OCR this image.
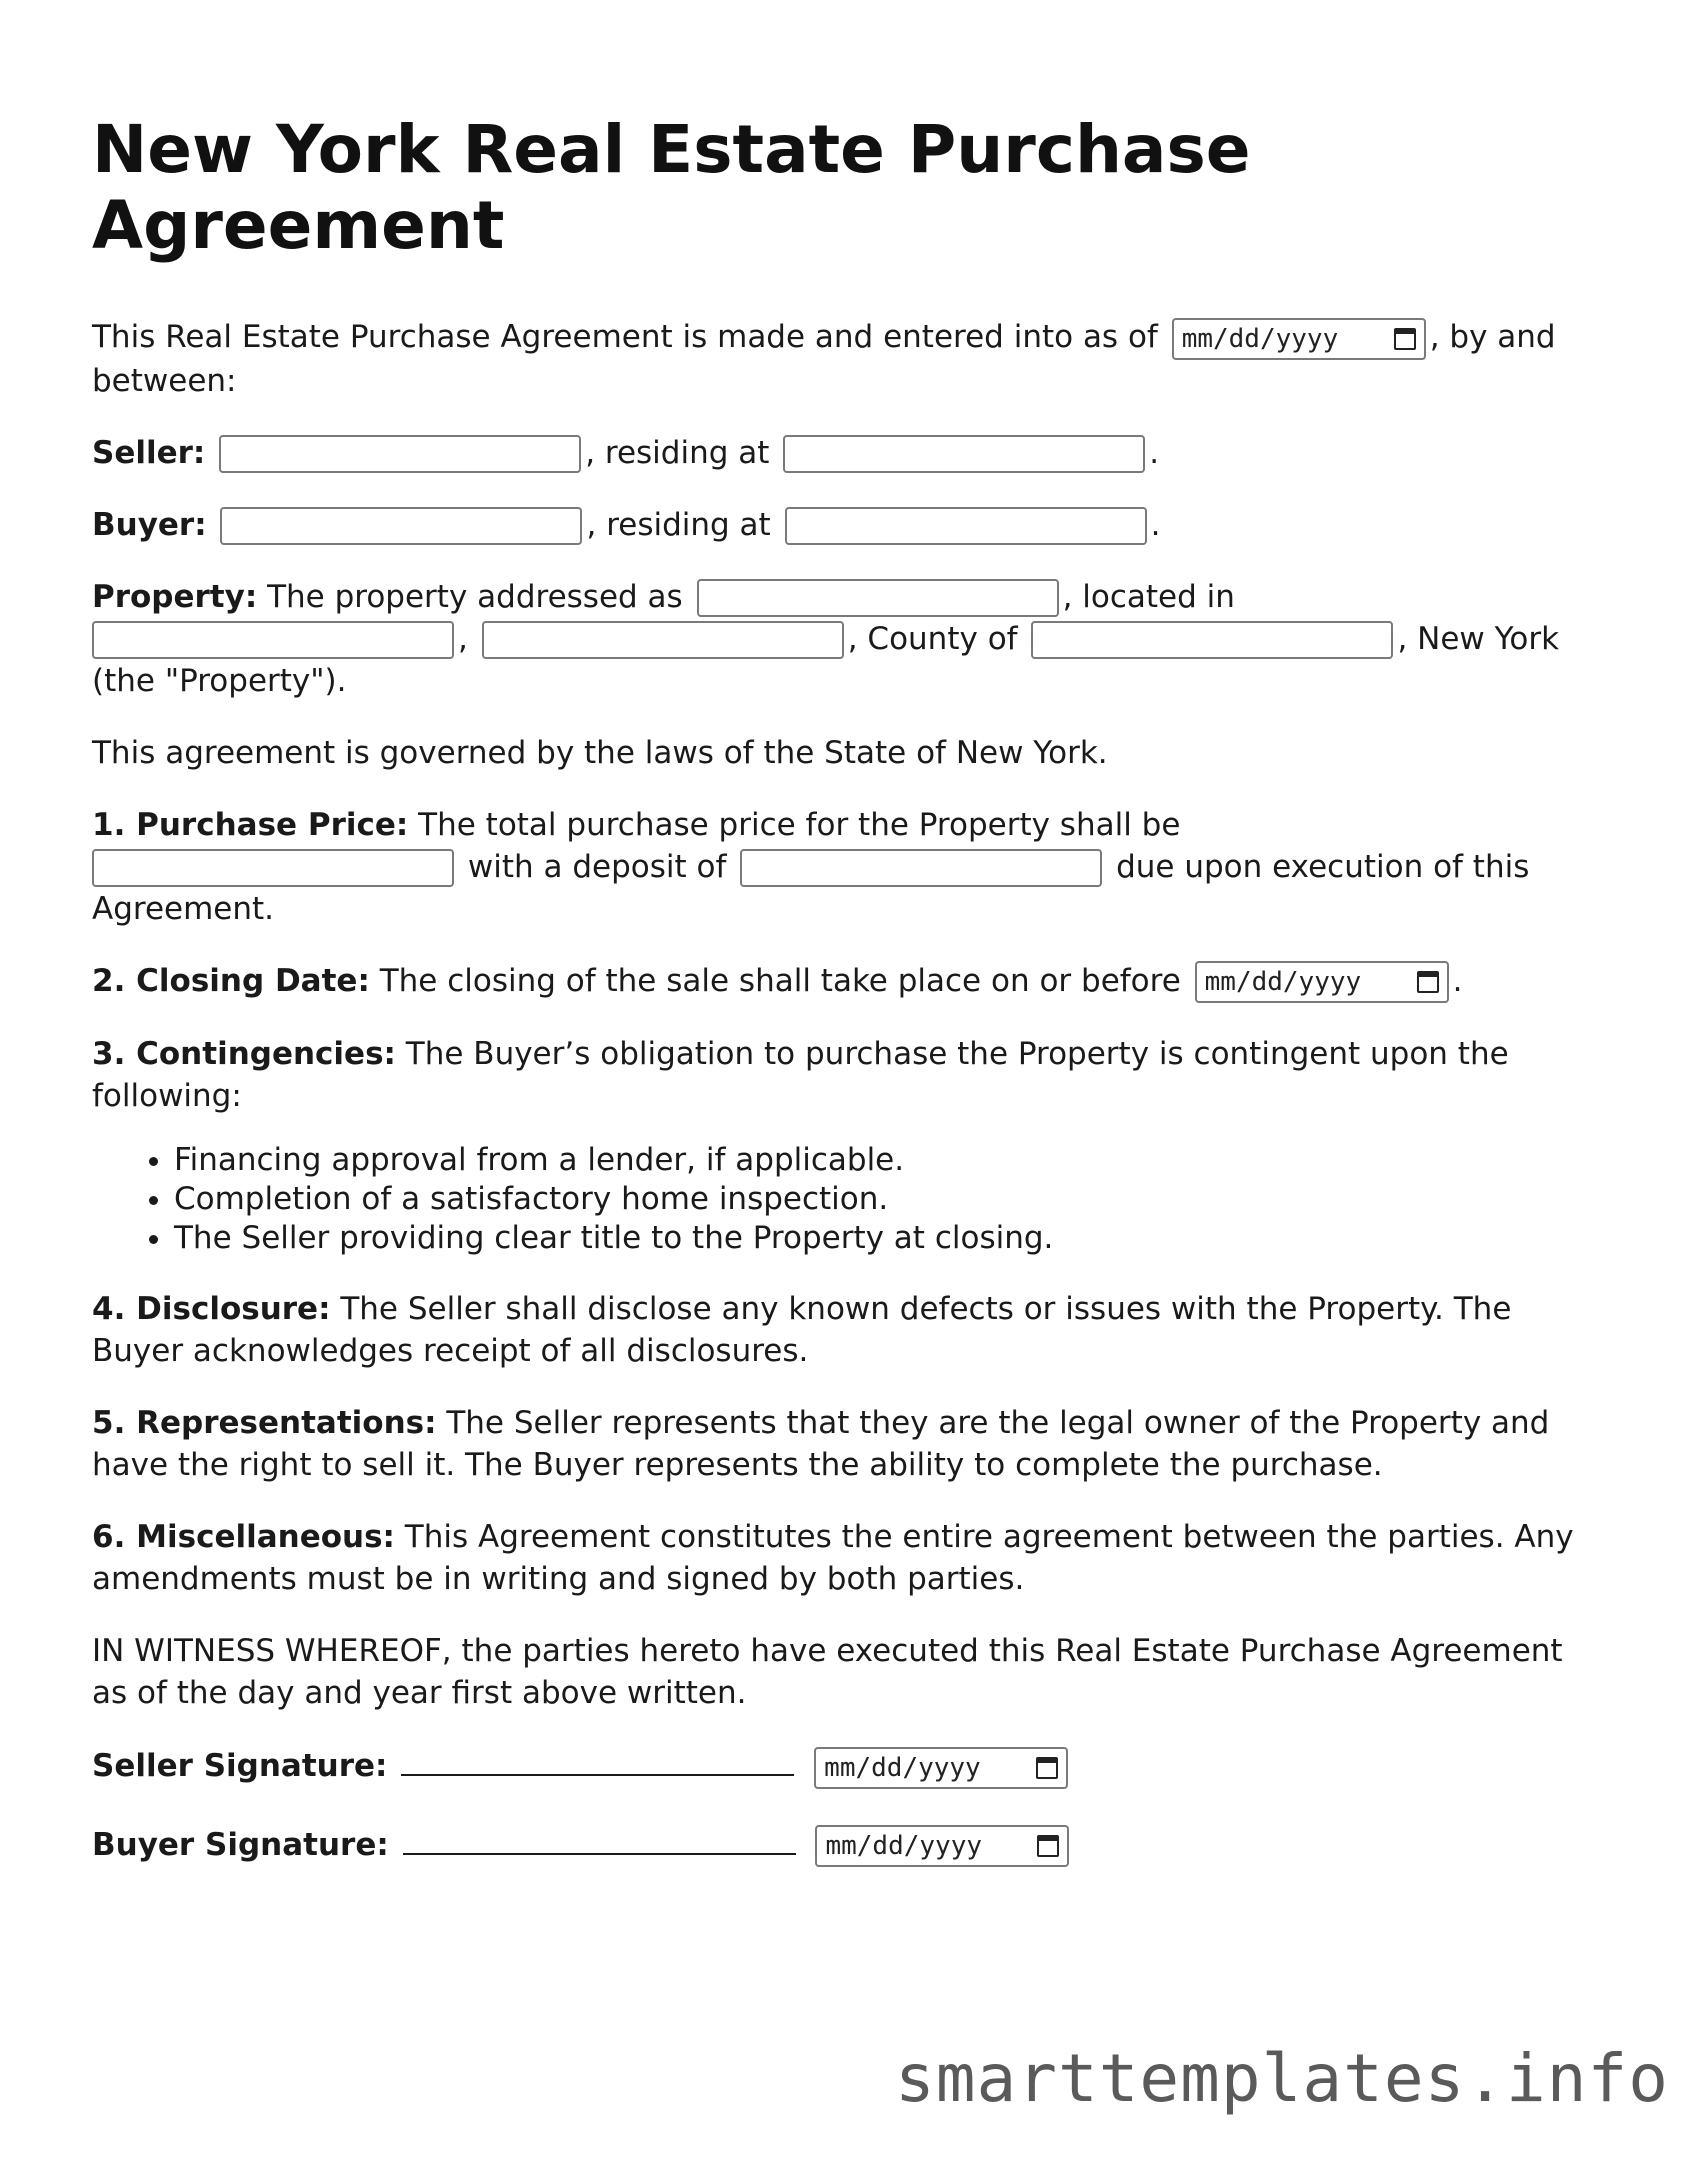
New York Real Estate Purchase Agreement

This Real Estate Purchase Agreement is made and entered into as of mm/dd/yyyy	, by and between:

Seller:	, residing at	.

Buyer:	, residing at	.

Property: The property addressed as	, located in ,	, County of	, New York (the "Property").

This agreement is governed by the laws of the State of New York.

1. Purchase Price: The total purchase price for the Property shall be
with a deposit of	due upon execution of this Agreement.

2. Closing Date: The closing of the sale shall take place on or before mm/dd/yyyy	.

3. Contingencies: The Buyer’s obligation to purchase the Property is contingent upon the following:

• Financing approval from a lender, if applicable.
• Completion of a satisfactory home inspection.
• The Seller providing clear title to the Property at closing.

4. Disclosure: The Seller shall disclose any known defects or issues with the Property. The Buyer acknowledges receipt of all disclosures.

5. Representations: The Seller represents that they are the legal owner of the Property and have the right to sell it. The Buyer represents the ability to complete the purchase.

6. Miscellaneous: This Agreement constitutes the entire agreement between the parties. Any amendments must be in writing and signed by both parties.

IN WITNESS WHEREOF, the parties hereto have executed this Real Estate Purchase Agreement as of the day and year first above written.

Seller Signature:	mm/dd/yyyy

Buyer Signature:	mm/dd/yyyy

smarttemplates.info
